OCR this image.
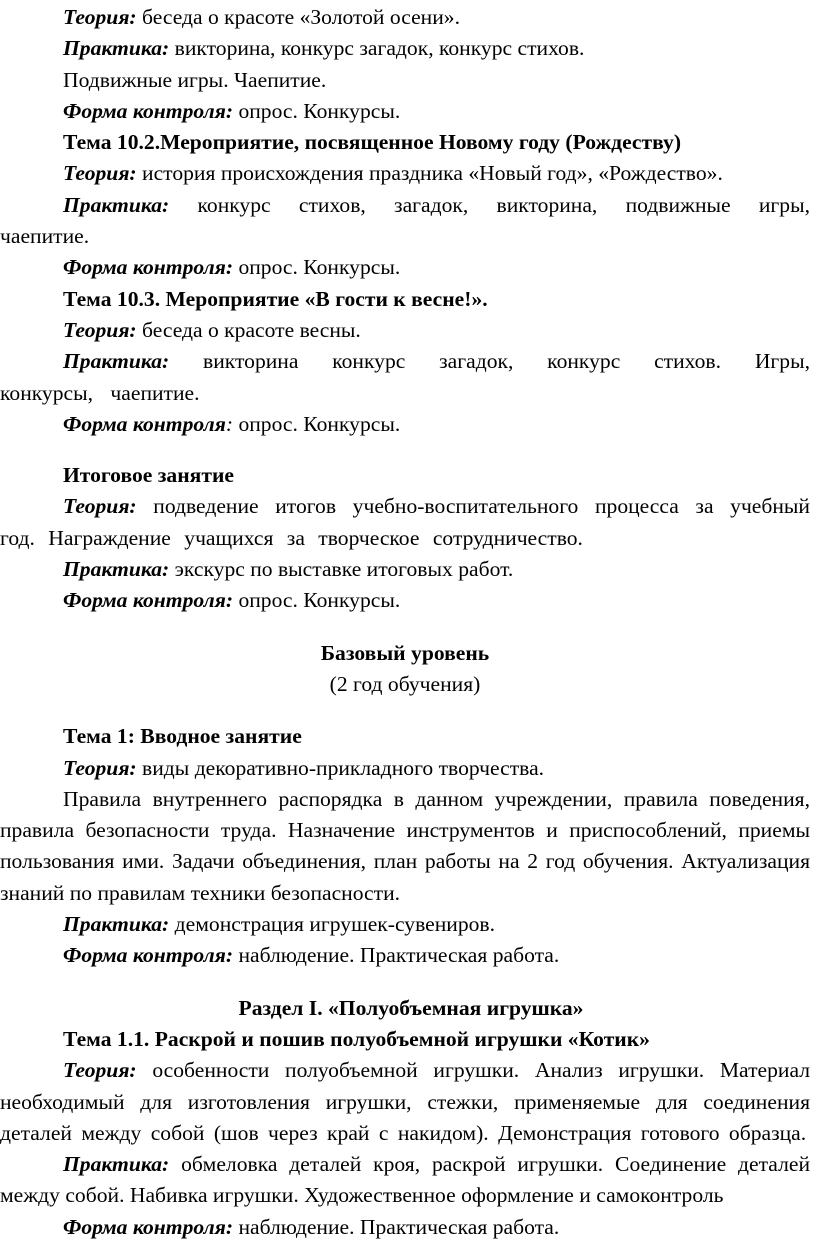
Теория: беседа о красоте «Золотой осени».

Практика: викторина, конкурс загадок, конкурс стихов.

Подвижные игры. Чаепитие.

Форма контроля: опрос. Конкурсы.

Тема 10.2.Мероприятие, посвященное Новому году (Рождеству)

Теория: история происхождения праздника «Новый год», «Рождество».

Практика: конкурс стихов, загадок, викторина, подвижные игры, чаепитие.

Форма контроля: опрос. Конкурсы.

Тема 10.3. Мероприятие «В гости к весне!».

Теория: беседа о красоте весны.

Практика: викторина конкурс загадок, конкурс стихов. Игры, конкурсы, чаепитие.

Форма контроля: опрос. Конкурсы.

Итоговое занятие

Теория: подведение итогов учебно-воспитательного процесса за учебный год. Награждение учащихся за творческое сотрудничество.

Практика: экскурс по выставке итоговых работ.

Форма контроля: опрос. Конкурсы.

Базовый уровень

(2 год обучения)

Тема 1: Вводное занятие

Теория: виды декоративно-прикладного творчества.

Правила внутреннего распорядка в данном учреждении, правила поведения, правила безопасности труда. Назначение инструментов и приспособлений, приемы пользования ими. Задачи объединения, план работы на 2 год обучения. Актуализация знаний по правилам техники безопасности.

Практика: демонстрация игрушек-сувениров.

Форма контроля: наблюдение. Практическая работа.

Раздел I. «Полуобъемная игрушка»

Тема 1.1. Раскрой и пошив полуобъемной игрушки «Котик»

Теория: особенности полуобъемной игрушки. Анализ игрушки. Материал необходимый для изготовления игрушки, стежки, применяемые для соединения деталей между собой (шов через край с накидом). Демонстрация готового образца.

Практика: обмеловка деталей кроя, раскрой игрушки. Соединение деталей между собой. Набивка игрушки. Художественное оформление и самоконтроль

Форма контроля: наблюдение. Практическая работа.
